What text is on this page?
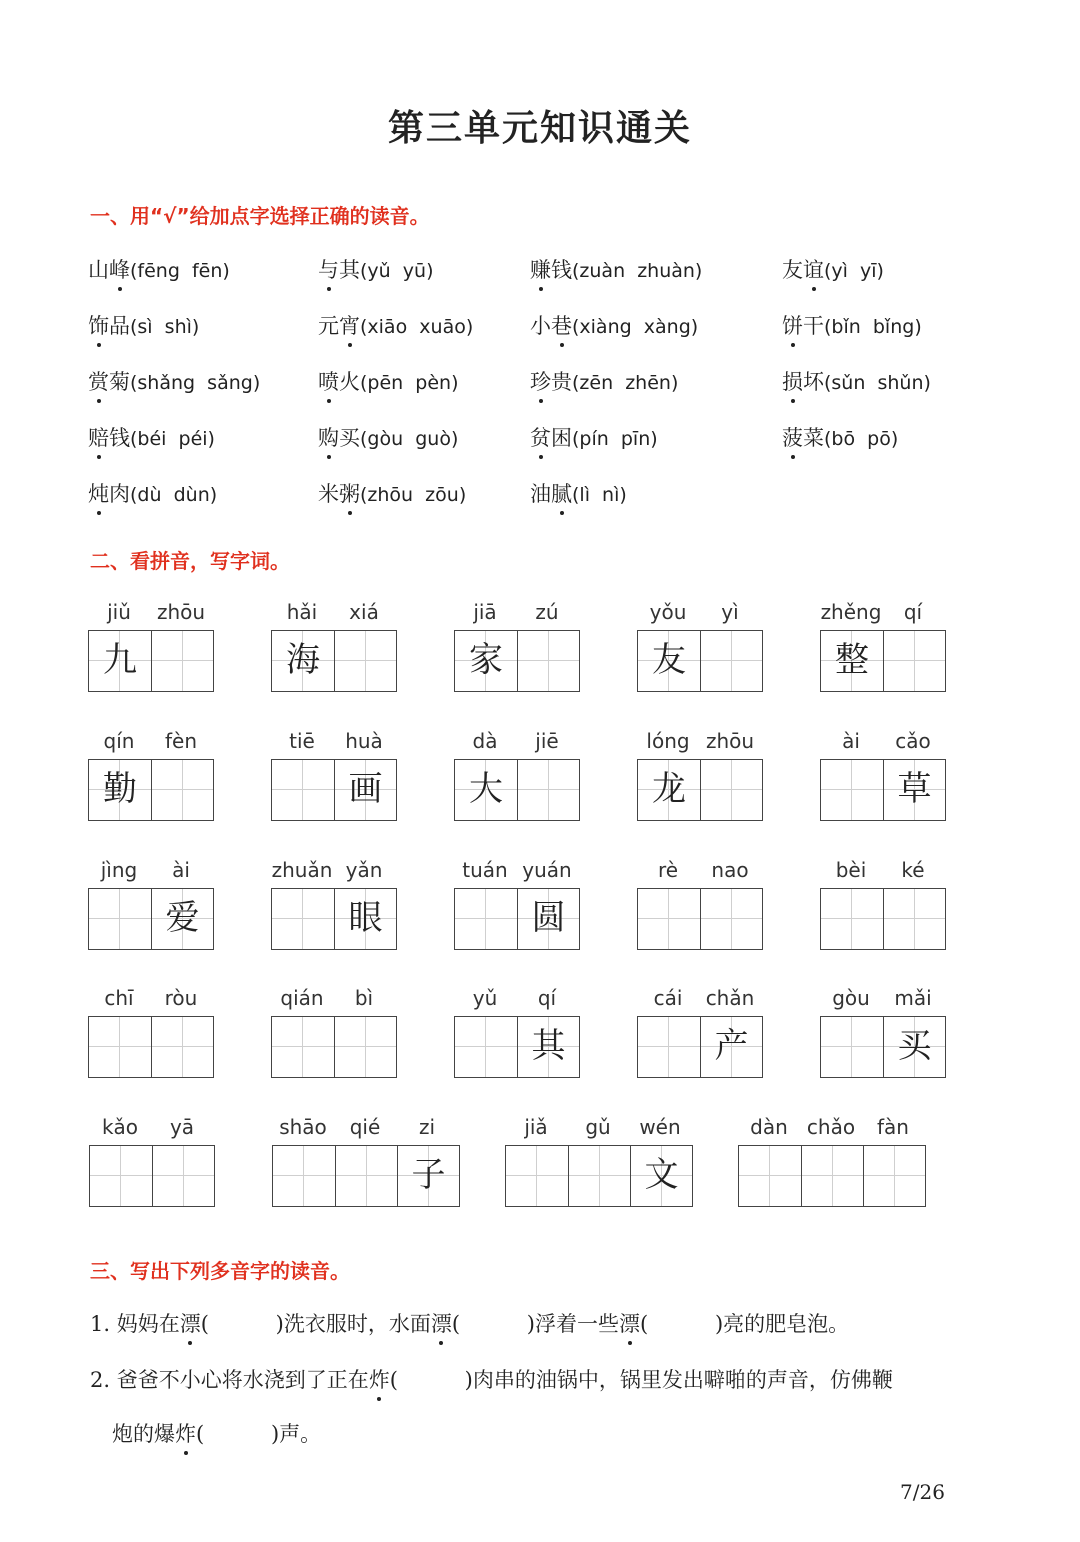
第三单元知识通关
一、用“√”给加点字选择正确的读音。
山峰(fēng  fēn)	与其(yǔ  yū)	赚钱(zuàn  zhuàn)	友谊(yì  yī)
饰品(sì  shì)	元宵(xiāo  xuāo)	小巷(xiàng  xàng)	饼干(bǐn  bǐng)
赏菊(shǎng  sǎng)	喷火(pēn  pèn)	珍贵(zēn  zhēn)	损坏(sǔn  shǔn)
赔钱(béi  péi)	购买(gòu  guò)	贫困(pín  pīn)	菠菜(bō  pō)
炖肉(dù  dùn)	米粥(zhōu  zōu)	油腻(lì  nì)
二、看拼音，写字词。
jiǔ	zhōu
九
hǎi	xiá
海
jiā	zú
家
yǒu	yì
友
zhěng	qí
整
qín	fèn
勤
tiē	huà
画
dà	jiē
大
lóng zhōu
龙
ài	cǎo
草
jìng	ài
爱
zhuǎn yǎn
眼
tuán yuán
圆
rè	nao	bèi	ké
chī	ròu	qián	bì	yǔ	qí
其
cái	chǎn
产
gòu	mǎi
买
kǎo	yā	shāo	qié	zi
子
jiǎ	gǔ	wén
文
dàn chǎo	fàn
三、写出下列多音字的读音。
1. 妈妈在漂(          )洗衣服时，水面漂(          )浮着一些漂(          )亮的肥皂泡。
2. 爸爸不小心将水浇到了正在炸(          )肉串的油锅中，锅里发出噼啪的声音，仿佛鞭
炮的爆炸(          )声。
7/26
